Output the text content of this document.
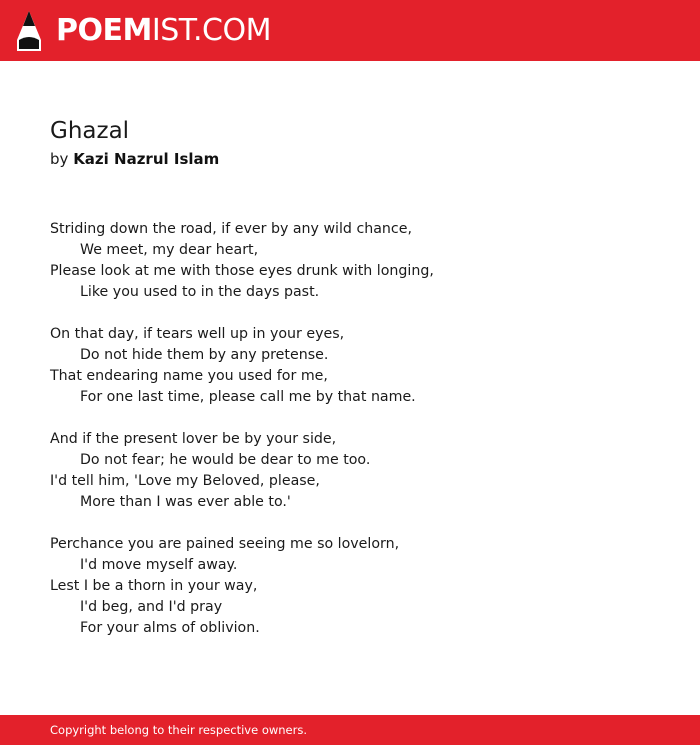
POEMIST.COM
Ghazal
by Kazi Nazrul Islam
Striding down the road, if ever by any wild chance,
We meet, my dear heart,
Please look at me with those eyes drunk with longing,
Like you used to in the days past.
On that day, if tears well up in your eyes,
Do not hide them by any pretense.
That endearing name you used for me,
For one last time, please call me by that name.
And if the present lover be by your side,
Do not fear; he would be dear to me too.
I'd tell him, 'Love my Beloved, please,
More than I was ever able to.'
Perchance you are pained seeing me so lovelorn,
I'd move myself away.
Lest I be a thorn in your way,
I'd beg, and I'd pray
For your alms of oblivion.
Copyright belong to their respective owners.
